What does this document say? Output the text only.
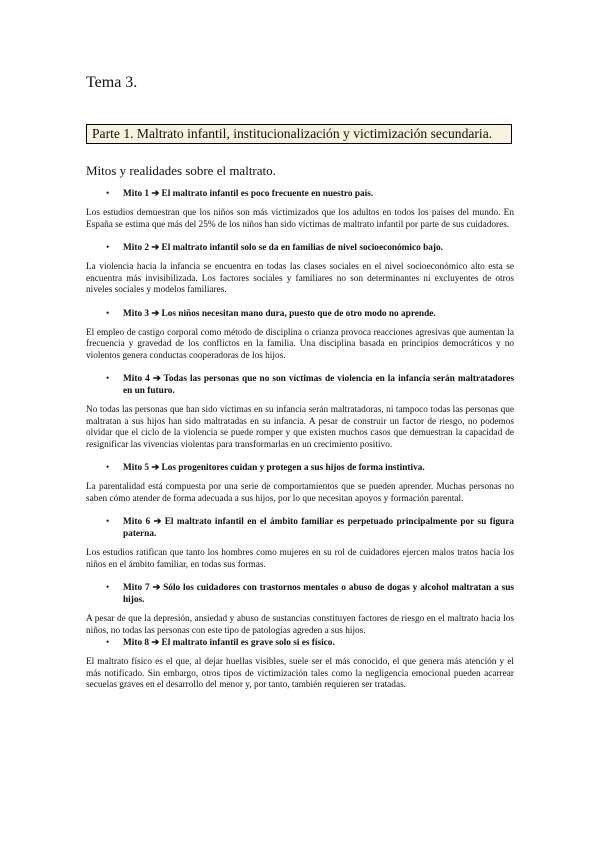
Tema 3.
Parte 1. Maltrato infantil, institucionalización y victimización secundaria.
Mitos y realidades sobre el maltrato.
• Mito 1 ➔ El maltrato infantil es poco frecuente en nuestro país.

Los estudios demuestran que los niños son más victimizados que los adultos en todos los países del mundo. En España se estima que más del 25% de los niños han sido víctimas de maltrato infantil por parte de sus cuidadores.

• Mito 2 ➔ El maltrato infantil solo se da en familias de nivel socioeconómico bajo.

La violencia hacia la infancia se encuentra en todas las clases sociales en el nivel socioeconómico alto esta se encuentra más invisibilizada. Los factores sociales y familiares no son determinantes ni excluyentes de otros niveles sociales y modelos familiares.

• Mito 3 ➔ Los niños necesitan mano dura, puesto que de otro modo no aprende.

El empleo de castigo corporal como método de disciplina o crianza provoca reacciones agresivas que aumentan la frecuencia y gravedad de los conflictos en la familia. Una disciplina basada en principios democráticos y no violentos genera conductas cooperadoras de los hijos.

• Mito 4 ➔ Todas las personas que no son víctimas de violencia en la infancia serán maltratadores en un futuro.

No todas las personas que han sido víctimas en su infancia serán maltratadoras, ni tampoco todas las personas que maltratan a sus hijos han sido maltratadas en su infancia. A pesar de construir un factor de riesgo, no podemos olvidar que el ciclo de la violencia se puede romper y que existen muchos casos que demuestran la capacidad de resignificar las vivencias violentas para transformarlas en un crecimiento positivo.

• Mito 5 ➔ Los progenitores cuidan y protegen a sus hijos de forma instintiva.

La parentalidad está compuesta por una serie de comportamientos que se pueden aprender. Muchas personas no saben cómo atender de forma adecuada a sus hijos, por lo que necesitan apoyos y formación parental.

• Mito 6 ➔ El maltrato infantil en el ámbito familiar es perpetuado principalmente por su figura paterna.

Los estudios ratifican que tanto los hombres como mujeres en su rol de cuidadores ejercen malos tratos hacia los niños en el ámbito familiar, en todas sus formas.

• Mito 7 ➔ Sólo los cuidadores con trastornos mentales o abuso de dogas y alcohol maltratan a sus hijos.

A pesar de que la depresión, ansiedad y abuso de sustancias constituyen factores de riesgo en el maltrato hacia los niños, no todas las personas con este tipo de patologías agreden a sus hijos.

• Mito 8 ➔ El maltrato infantil es grave solo si es físico.

El maltrato físico es el que, al dejar huellas visibles, suele ser el más conocido, el que genera más atención y el más notificado. Sin embargo, otros tipos de victimización tales como la negligencia emocional pueden acarrear secuelas graves en el desarrollo del menor y, por tanto, también requieren ser tratadas.
